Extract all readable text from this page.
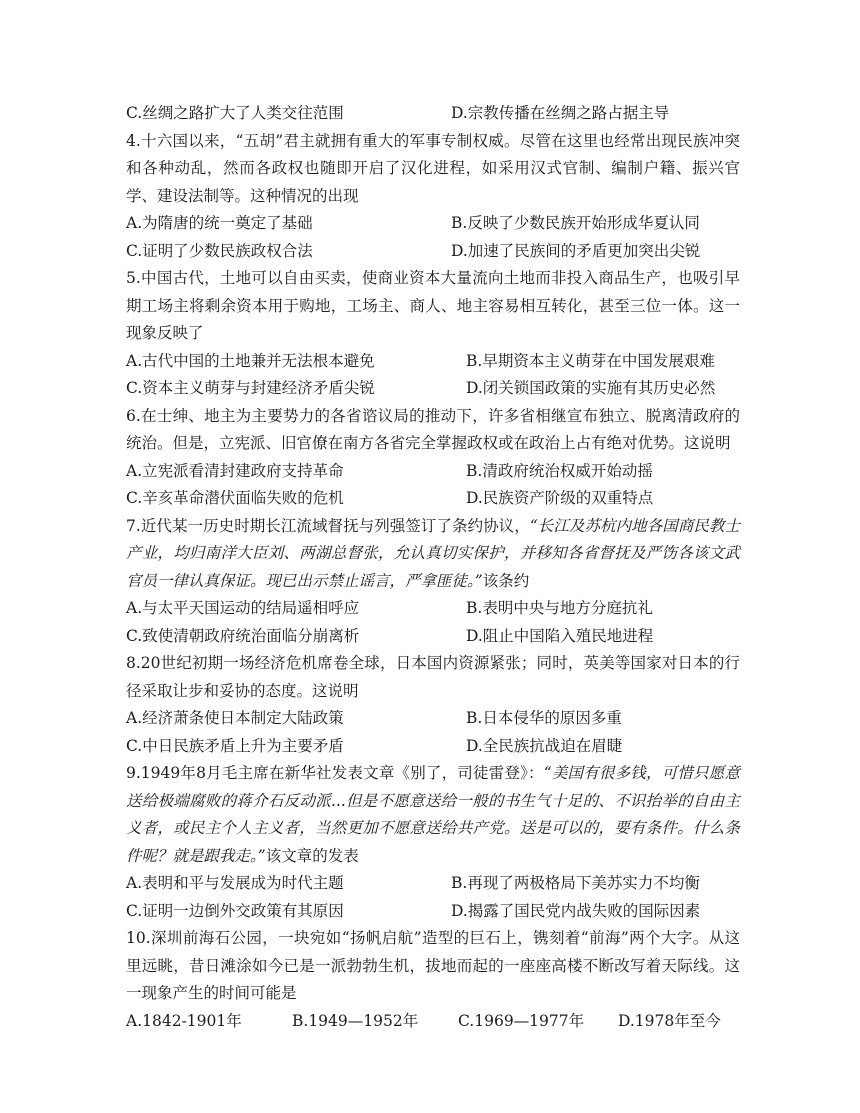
C.丝绸之路扩大了人类交往范围	D.宗教传播在丝绸之路占据主导
4.十六国以来，“五胡”君主就拥有重大的军事专制权威。尽管在这里也经常出现民族冲突和各种动乱，然而各政权也随即开启了汉化进程，如采用汉式官制、编制户籍、振兴官学、建设法制等。这种情况的出现
A.为隋唐的统一奠定了基础	B.反映了少数民族开始形成华夏认同
C.证明了少数民族政权合法	D.加速了民族间的矛盾更加突出尖锐
5.中国古代，土地可以自由买卖，使商业资本大量流向土地而非投入商品生产，也吸引早期工场主将剩余资本用于购地，工场主、商人、地主容易相互转化，甚至三位一体。这一现象反映了
A.古代中国的土地兼并无法根本避免	B.早期资本主义萌芽在中国发展艰难
C.资本主义萌芽与封建经济矛盾尖锐	D.闭关锁国政策的实施有其历史必然
6.在士绅、地主为主要势力的各省谘议局的推动下，许多省相继宣布独立、脱离清政府的统治。但是，立宪派、旧官僚在南方各省完全掌握政权或在政治上占有绝对优势。这说明
A.立宪派看清封建政府支持革命	B.清政府统治权威开始动摇
C.辛亥革命潜伏面临失败的危机	D.民族资产阶级的双重特点
7.近代某一历史时期长江流域督抚与列强签订了条约协议，“长江及苏杭内地各国商民教士产业，均归南洋大臣刘、两湖总督张，允认真切实保护，并移知各省督抚及严饬各该文武官员一律认真保证。现已出示禁止谣言，严拿匪徒。”该条约
A.与太平天国运动的结局遥相呼应	B.表明中央与地方分庭抗礼
C.致使清朝政府统治面临分崩离析	D.阻止中国陷入殖民地进程
8.20世纪初期一场经济危机席卷全球，日本国内资源紧张；同时，英美等国家对日本的行径采取让步和妥协的态度。这说明
A.经济萧条使日本制定大陆政策	B.日本侵华的原因多重
C.中日民族矛盾上升为主要矛盾	D.全民族抗战迫在眉睫
9.1949年8月毛主席在新华社发表文章《别了，司徒雷登》：“美国有很多钱，可惜只愿意送给极端腐败的蒋介石反动派...但是不愿意送给一般的书生气十足的、不识抬举的自由主义者，或民主个人主义者，当然更加不愿意送给共产党。送是可以的，要有条件。什么条件呢？就是跟我走。”该文章的发表
A.表明和平与发展成为时代主题	B.再现了两极格局下美苏实力不均衡
C.证明一边倒外交政策有其原因	D.揭露了国民党内战失败的国际因素
10.深圳前海石公园，一块宛如“扬帆启航”造型的巨石上，镌刻着“前海”两个大字。从这里远眺，昔日滩涂如今已是一派勃勃生机，拔地而起的一座座高楼不断改写着天际线。这一现象产生的时间可能是
A.1842-1901年	B.1949—1952年	C.1969—1977年	D.1978年至今
